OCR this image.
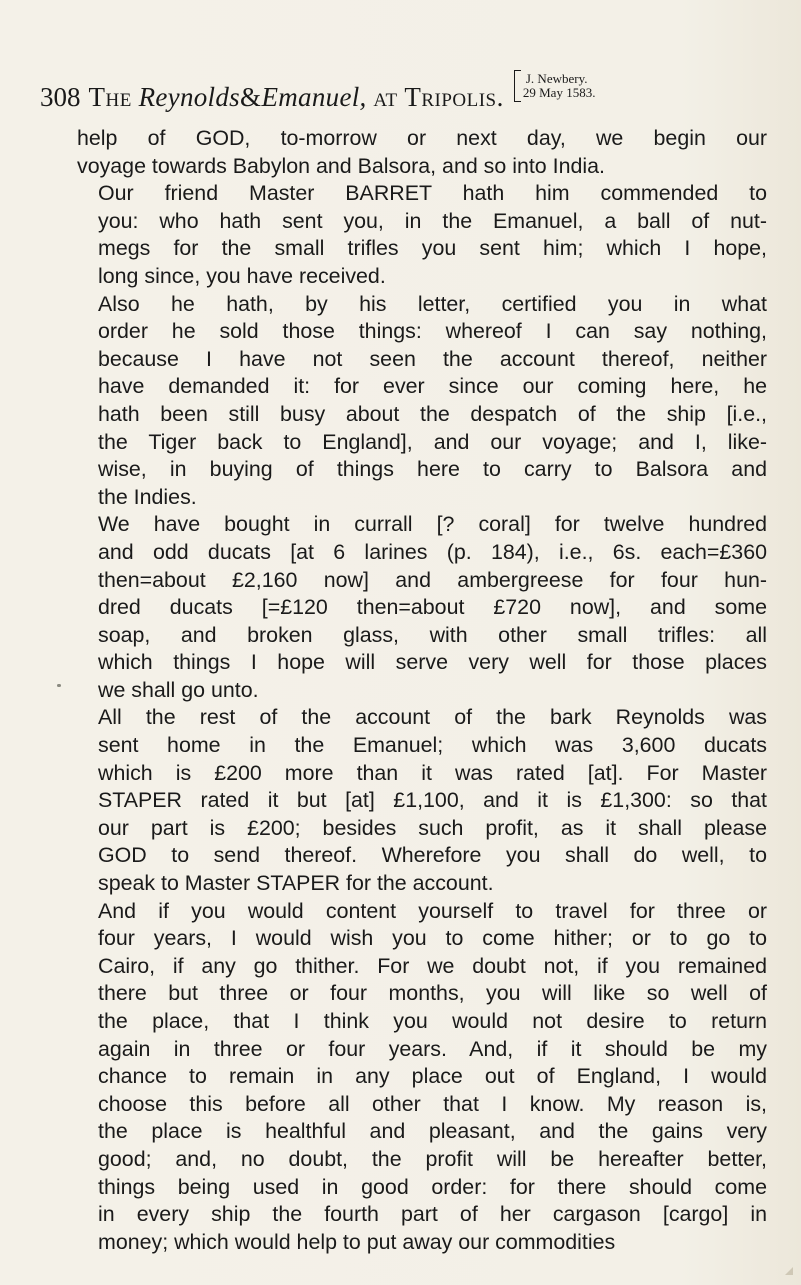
308 The
Reynolds & Emanuel,
at
Tripolis.
J. Newbery.
29 May 1583.

help of GOD, to-morrow or next day, we begin our
voyage towards Babylon and Balsora, and so into India.

Our friend Master BARRET hath him commended to
you: who hath sent you, in the Emanuel, a ball of nut-
megs for the small trifles you sent him; which I hope,
long since, you have received.

Also he hath, by his letter, certified you in what
order he sold those things: whereof I can say nothing,
because I have not seen the account thereof, neither
have demanded it: for ever since our coming here, he
hath been still busy about the despatch of the ship [i.e.,
the Tiger back to England], and our voyage; and I, like-
wise, in buying of things here to carry to Balsora and
the Indies.

We have bought in currall [? coral] for twelve hundred
and odd ducats [at 6 larines (p. 184), i.e., 6s. each=£360
then=about £2,160 now] and ambergreese for four hun-
dred ducats [=£120 then=about £720 now], and some
soap, and broken glass, with other small trifles: all
which things I hope will serve very well for those places
we shall go unto.

All the rest of the account of the bark Reynolds was
sent home in the Emanuel; which was 3,600 ducats
which is £200 more than it was rated [at]. For Master
STAPER rated it but [at] £1,100, and it is £1,300: so that
our part is £200; besides such profit, as it shall please
GOD to send thereof. Wherefore you shall do well, to
speak to Master STAPER for the account.

And if you would content yourself to travel for three or
four years, I would wish you to come hither; or to go to
Cairo, if any go thither. For we doubt not, if you remained
there but three or four months, you will like so well of
the place, that I think you would not desire to return
again in three or four years. And, if it should be my
chance to remain in any place out of England, I would
choose this before all other that I know. My reason is,
the place is healthful and pleasant, and the gains very
good; and, no doubt, the profit will be hereafter better,
things being used in good order: for there should come
in every ship the fourth part of her cargason [cargo] in
money; which would help to put away our commodities
